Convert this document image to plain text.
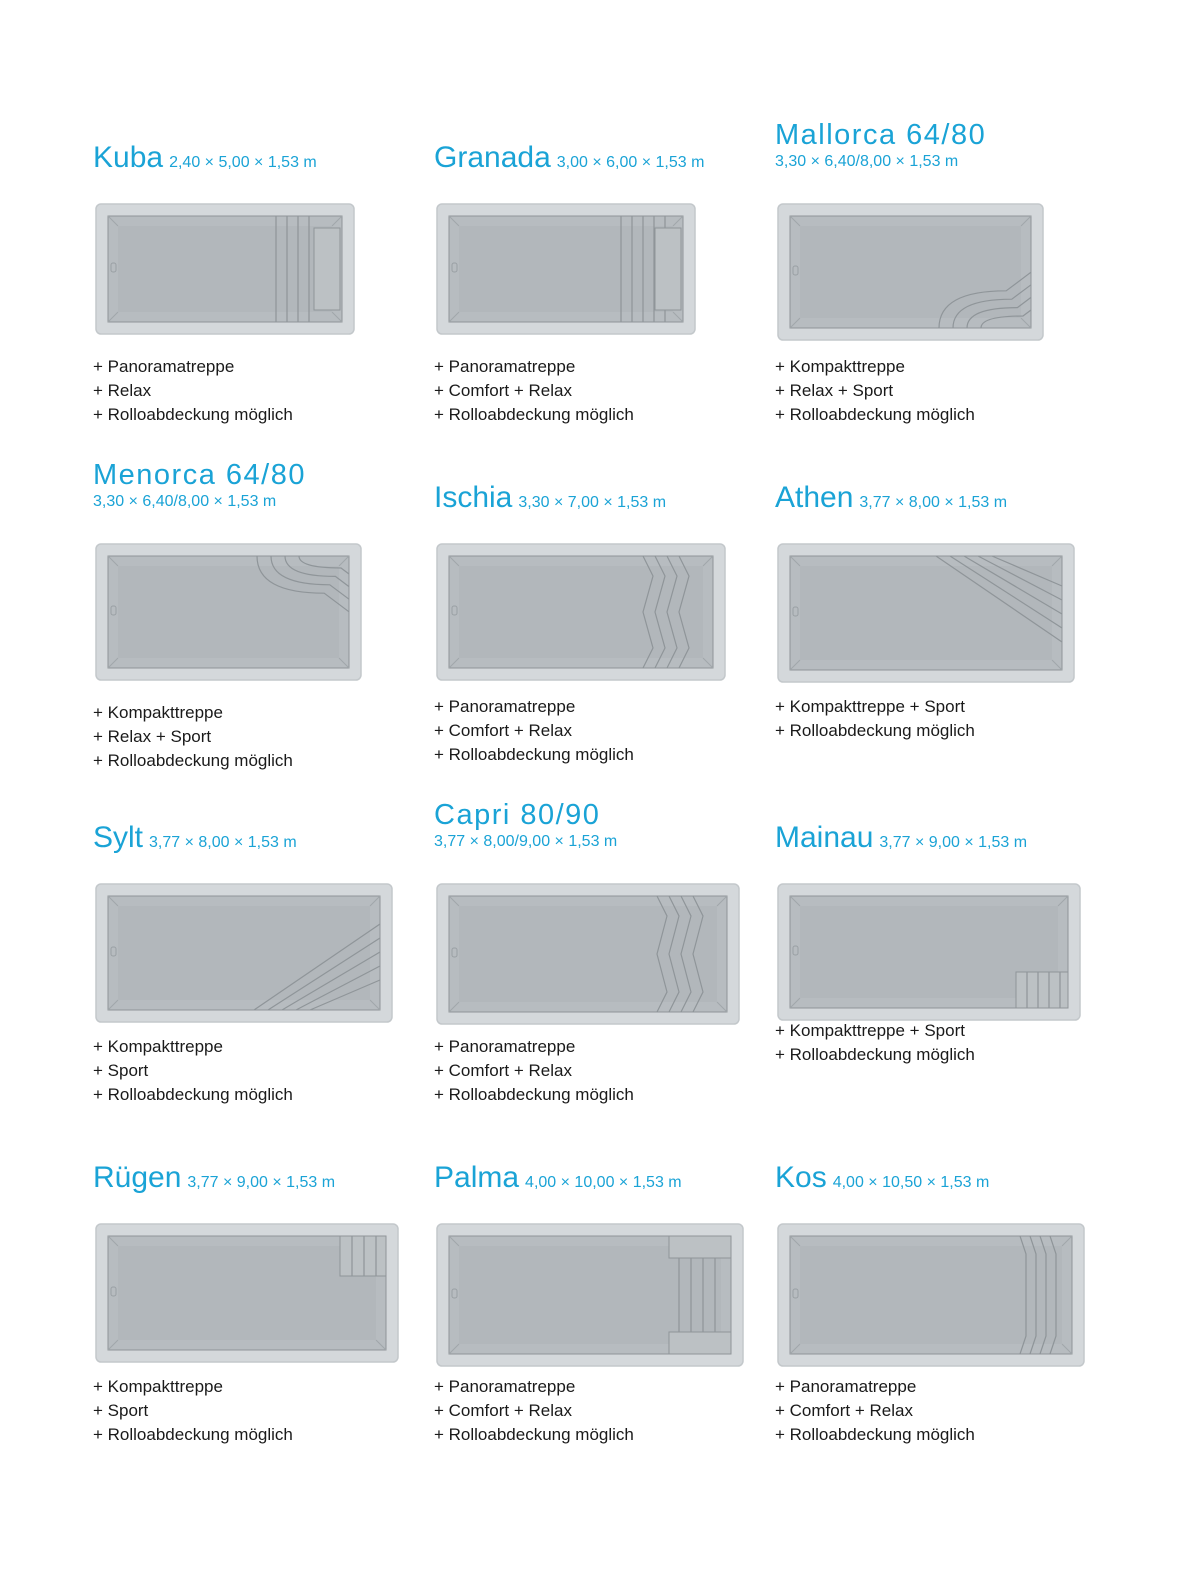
Kuba 2,40 × 5,00 × 1,53 m
+ Panoramatreppe
+ Relax
+ Rolloabdeckung möglich
Granada 3,00 × 6,00 × 1,53 m
+ Panoramatreppe
+ Comfort + Relax
+ Rolloabdeckung möglich
Mallorca 64/80
3,30 × 6,40/8,00 × 1,53 m
+ Kompakttreppe
+ Relax + Sport
+ Rolloabdeckung möglich
Menorca 64/80
3,30 × 6,40/8,00 × 1,53 m
+ Kompakttreppe
+ Relax + Sport
+ Rolloabdeckung möglich
Ischia 3,30 × 7,00 × 1,53 m
+ Panoramatreppe
+ Comfort + Relax
+ Rolloabdeckung möglich
Athen 3,77 × 8,00 × 1,53 m
+ Kompakttreppe + Sport
+ Rolloabdeckung möglich
Sylt 3,77 × 8,00 × 1,53 m
+ Kompakttreppe
+ Sport
+ Rolloabdeckung möglich
Capri 80/90
3,77 × 8,00/9,00 × 1,53 m
+ Panoramatreppe
+ Comfort + Relax
+ Rolloabdeckung möglich
Mainau 3,77 × 9,00 × 1,53 m
+ Kompakttreppe + Sport
+ Rolloabdeckung möglich
Rügen 3,77 × 9,00 × 1,53 m
+ Kompakttreppe
+ Sport
+ Rolloabdeckung möglich
Palma 4,00 × 10,00 × 1,53 m
+ Panoramatreppe
+ Comfort + Relax
+ Rolloabdeckung möglich
Kos 4,00 × 10,50 × 1,53 m
+ Panoramatreppe
+ Comfort + Relax
+ Rolloabdeckung möglich
